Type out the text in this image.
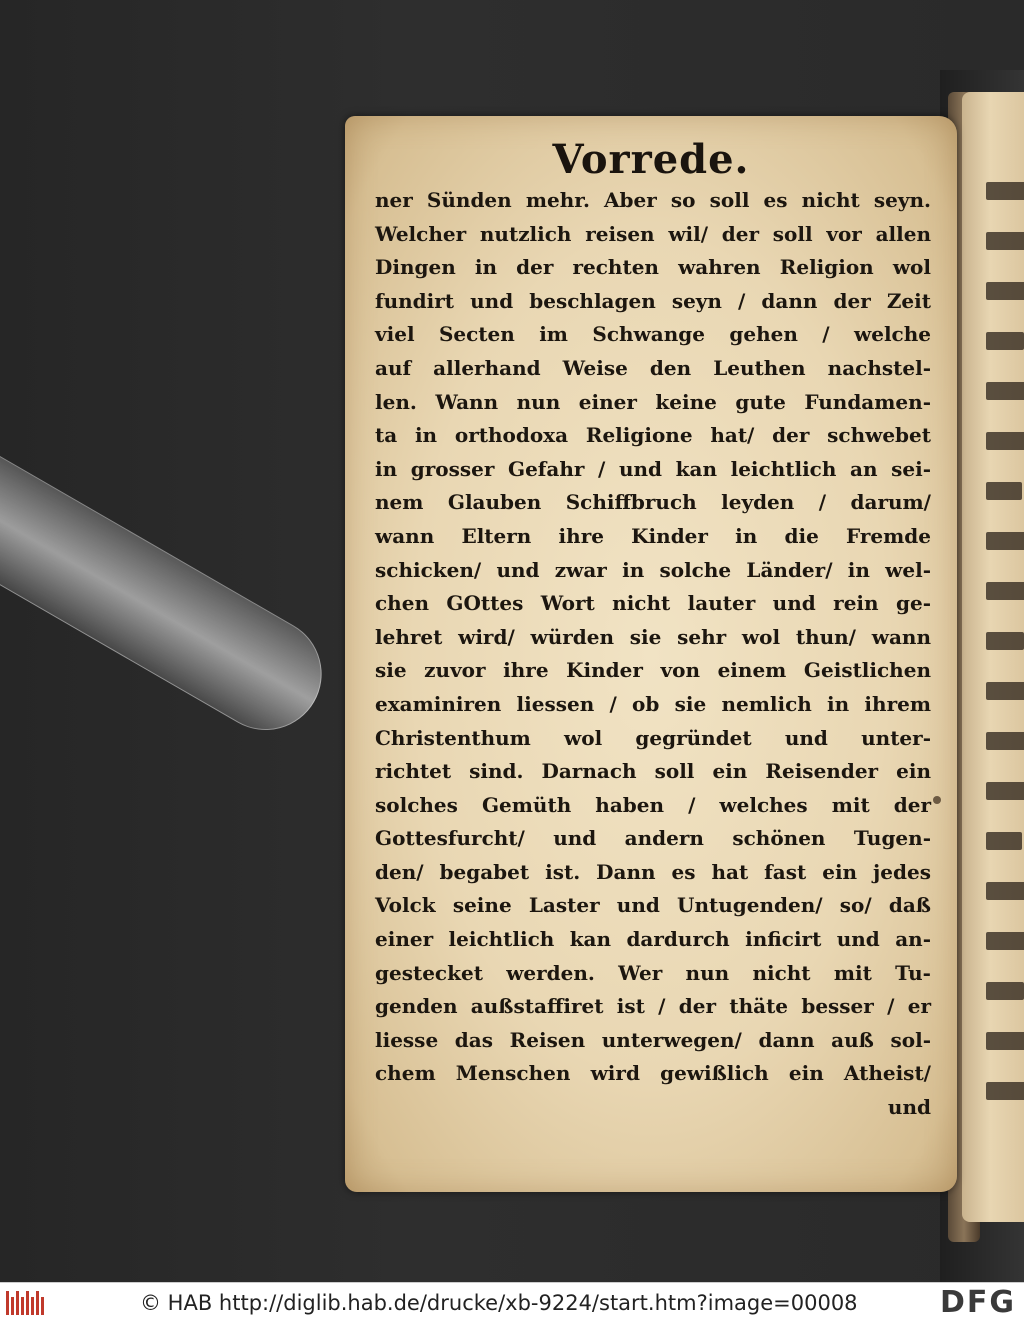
Vorrede.
ner Sünden mehr. Aber so soll es nicht seyn.
Welcher nutzlich reisen wil/ der soll vor allen
Dingen in der rechten wahren Religion wol
fundirt und beschlagen seyn / dann der Zeit
viel Secten im Schwange gehen / welche
auf allerhand Weise den Leuthen nachstel-
len. Wann nun einer keine gute Fundamen-
ta in orthodoxa Religione hat/ der schwebet
in grosser Gefahr / und kan leichtlich an sei-
nem Glauben Schiffbruch leyden / darum/
wann Eltern ihre Kinder in die Fremde
schicken/ und zwar in solche Länder/ in wel-
chen GOttes Wort nicht lauter und rein ge-
lehret wird/ würden sie sehr wol thun/ wann
sie zuvor ihre Kinder von einem Geistlichen
examiniren liessen / ob sie nemlich in ihrem
Christenthum wol gegründet und unter-
richtet sind. Darnach soll ein Reisender ein
solches Gemüth haben / welches mit der
Gottesfurcht/ und andern schönen Tugen-
den/ begabet ist. Dann es hat fast ein jedes
Volck seine Laster und Untugenden/ so/ daß
einer leichtlich kan dardurch inficirt und an-
gestecket werden. Wer nun nicht mit Tu-
genden außstaffiret ist / der thäte besser / er
liesse das Reisen unterwegen/ dann auß sol-
chem Menschen wird gewißlich ein Atheist/
und
© HAB http://diglib.hab.de/drucke/xb-9224/start.htm?image=00008	DFG
